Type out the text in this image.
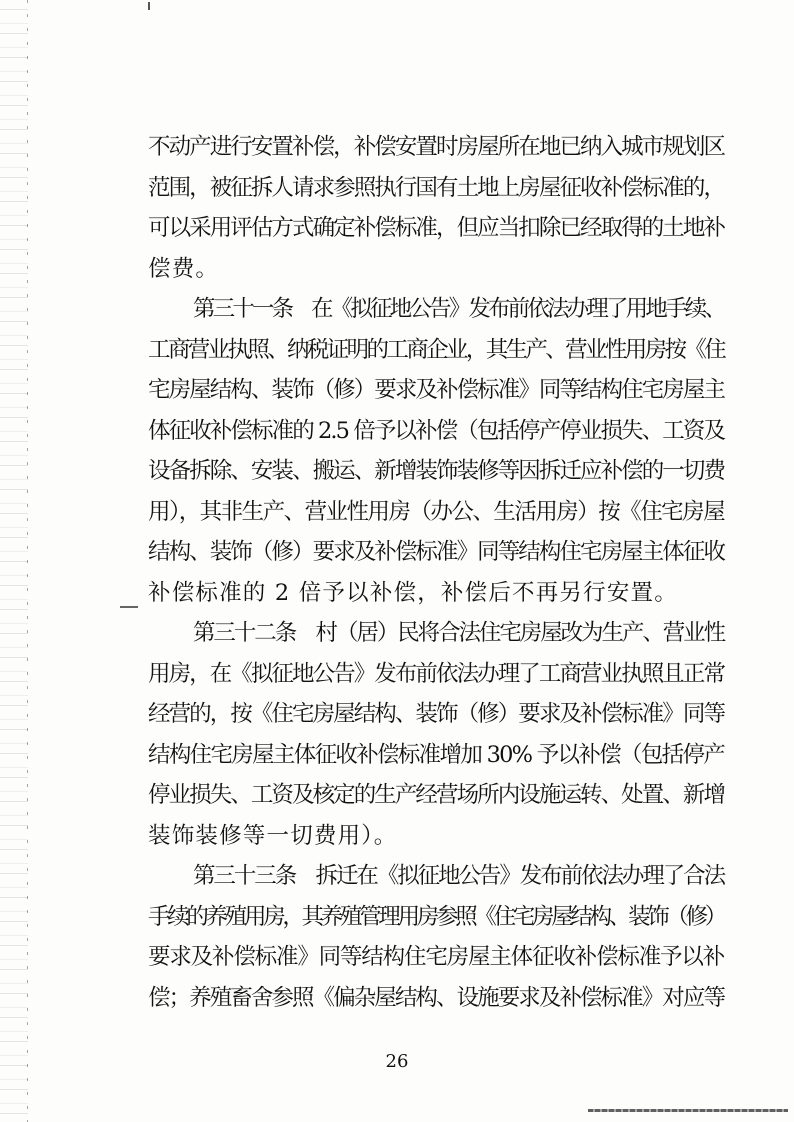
不动产进行安置补偿，补偿安置时房屋所在地已纳入城市规划区
范围，被征拆人请求参照执行国有土地上房屋征收补偿标准的，
可以采用评估方式确定补偿标准，但应当扣除已经取得的土地补
偿费。
第三十一条　在《拟征地公告》发布前依法办理了用地手续、
工商营业执照、纳税证明的工商企业，其生产、营业性用房按《住
宅房屋结构、装饰（修）要求及补偿标准》同等结构住宅房屋主
体征收补偿标准的 2.5 倍予以补偿（包括停产停业损失、工资及
设备拆除、安装、搬运、新增装饰装修等因拆迁应补偿的一切费
用），其非生产、营业性用房（办公、生活用房）按《住宅房屋
结构、装饰（修）要求及补偿标准》同等结构住宅房屋主体征收
补偿标准的 2 倍予以补偿，补偿后不再另行安置。
第三十二条　村（居）民将合法住宅房屋改为生产、营业性
用房，在《拟征地公告》发布前依法办理了工商营业执照且正常
经营的，按《住宅房屋结构、装饰（修）要求及补偿标准》同等
结构住宅房屋主体征收补偿标准增加 30% 予以补偿（包括停产
停业损失、工资及核定的生产经营场所内设施运转、处置、新增
装饰装修等一切费用）。
第三十三条　拆迁在《拟征地公告》发布前依法办理了合法
手续的养殖用房，其养殖管理用房参照《住宅房屋结构、装饰（修）
要求及补偿标准》同等结构住宅房屋主体征收补偿标准予以补
偿；养殖畜舍参照《偏杂屋结构、设施要求及补偿标准》对应等
26
